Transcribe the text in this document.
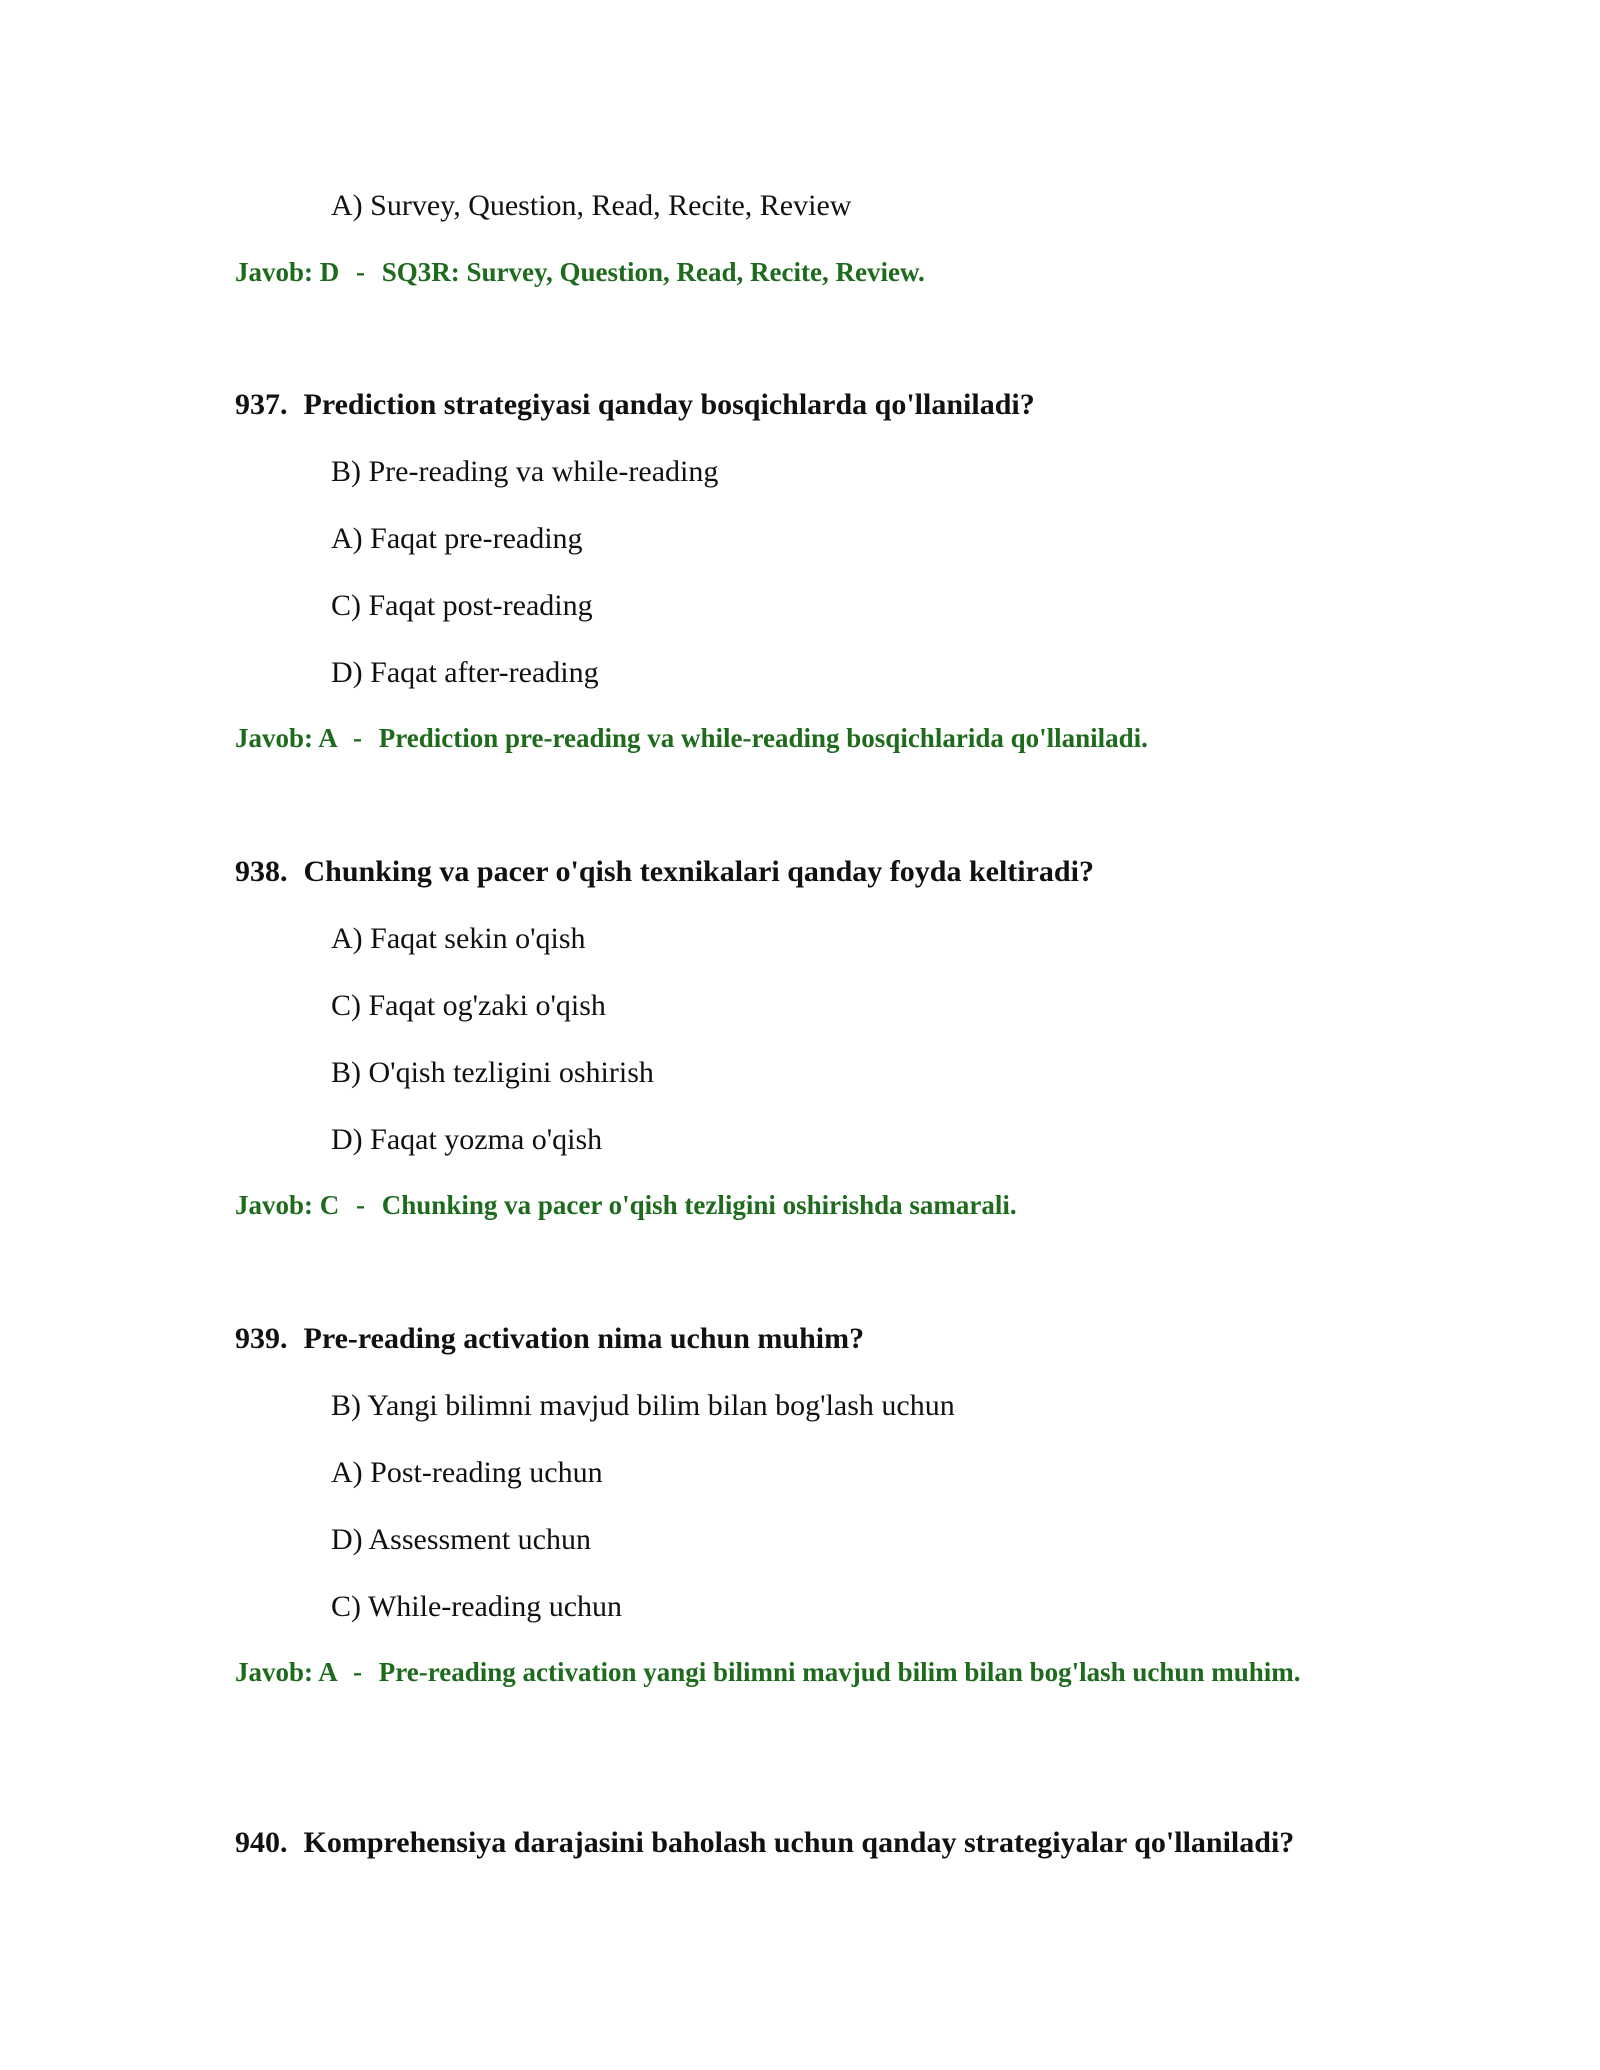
A) Survey, Question, Read, Recite, Review
Javob: D - SQ3R: Survey, Question, Read, Recite, Review.
937. Prediction strategiyasi qanday bosqichlarda qo'llaniladi?
B) Pre-reading va while-reading
A) Faqat pre-reading
C) Faqat post-reading
D) Faqat after-reading
Javob: A - Prediction pre-reading va while-reading bosqichlarida qo'llaniladi.
938. Chunking va pacer o'qish texnikalari qanday foyda keltiradi?
A) Faqat sekin o'qish
C) Faqat og'zaki o'qish
B) O'qish tezligini oshirish
D) Faqat yozma o'qish
Javob: C - Chunking va pacer o'qish tezligini oshirishda samarali.
939. Pre-reading activation nima uchun muhim?
B) Yangi bilimni mavjud bilim bilan bog'lash uchun
A) Post-reading uchun
D) Assessment uchun
C) While-reading uchun
Javob: A - Pre-reading activation yangi bilimni mavjud bilim bilan bog'lash uchun muhim.
940. Komprehensiya darajasini baholash uchun qanday strategiyalar qo'llaniladi?
